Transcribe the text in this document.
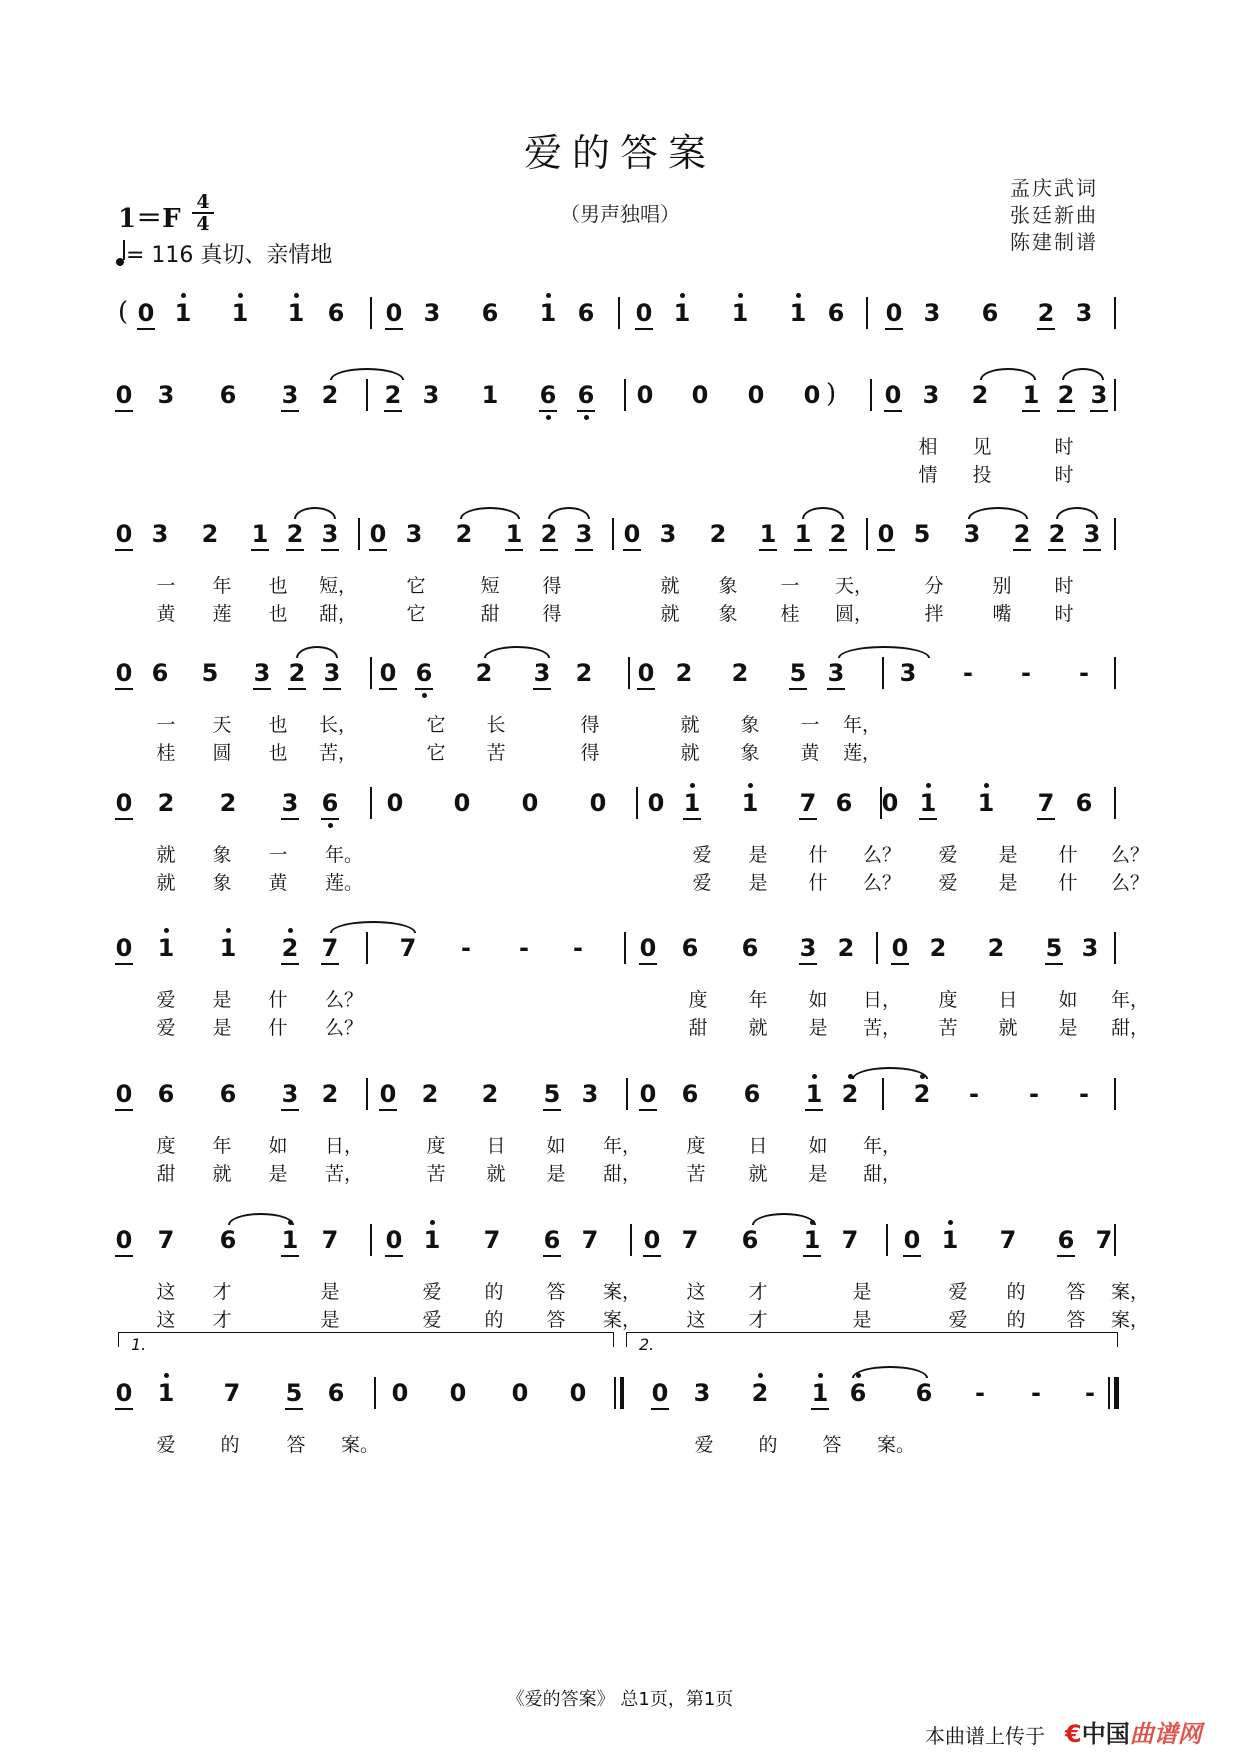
爱的答案
（男声独唱）
孟庆武词
张廷新曲
陈建制谱
1＝F
4
4
= 116 真切、亲情地
0 1 1 1 6 0 3 6 1 6 0 1 1 1 6 0 3 6 2 3
(
0 3 6 3 2 2 3 1 6 6 0 0 0 0	0 3 2 1 2 3
)
相 见	时
情 投	时
0 3 2 1 2 3 0 3 2 1 2 3 0 3 2 1 1 2 0 5 3 2 2 3
一 年 也 短，	它	短 得	就 象 一 天，	分	别 时
黄 莲 也 甜，	它	甜 得	就 象 桂 圆，	拌	嘴 时
0 6 5 3 2 3 0 6 2 3 2 0 2 2 5 3 3 - - -
一 天 也 长，	它 长	得	就 象 一 年，
桂 圆 也 苦，	它 苦	得	就 象 黄 莲，
0 2 2 3 6 0 0 0 0 0 1 1 7 6 0 1 1 7 6
就 象 一 年。	爱 是 什 么？ 爱 是 什 么？
就 象 黄 莲。	爱 是 什 么？ 爱 是 什 么？
0 1 1 2 7	7 - - - 0 6 6 3 2 0 2 2 5 3
爱 是 什 么？	度 年 如 日， 度 日 如 年，
爱 是 什 么？	甜 就 是 苦， 苦 就 是 甜，
0 6 6 3 2 0 2 2 5 3 0 6 6 1 2 2 - - -
度 年 如 日，	度 日 如 年， 度 日 如 年，
甜 就 是 苦，	苦 就 是 甜， 苦 就 是 甜，
0 7 6 1 7 0 1 7 6 7 0 7 6 1 7 0 1 7 6 7
这 才	是	爱 的 答 案， 这 才	是	爱 的 答 案，
这 才	是	爱 的 答 案， 这 才	是	爱 的 答 案，
0 1 7 5 6 0 0 0 0	0 3 2 1 6 6 - - -
爱 的 答 案。	爱 的 答 案。
1.	2.
《爱的答案》 总1页，第1页
本曲谱上传于 €中国曲谱网
